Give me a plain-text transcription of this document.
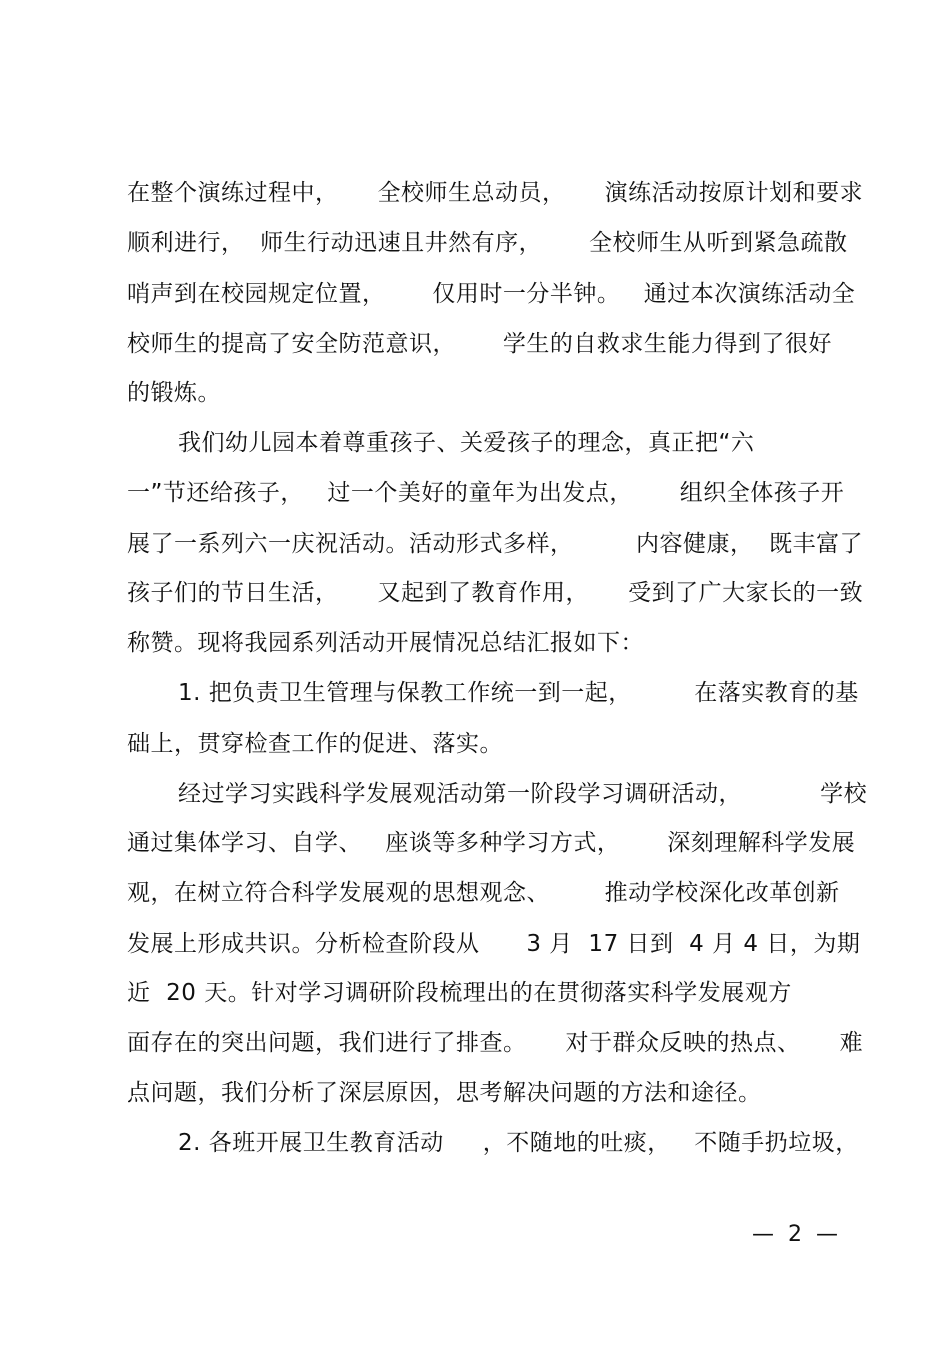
在整个演练过程中，     全校师生总动员，     演练活动按原计划和要求
顺利进行，  师生行动迅速且井然有序，      全校师生从听到紧急疏散
哨声到在校园规定位置，      仅用时一分半钟。   通过本次演练活动全
校师生的提高了安全防范意识，      学生的自救求生能力得到了很好
的锻炼。
我们幼儿园本着尊重孩子、关爱孩子的理念，真正把“六
一”节还给孩子，   过一个美好的童年为出发点，      组织全体孩子开
展了一系列六一庆祝活动。活动形式多样，        内容健康，  既丰富了
孩子们的节日生活，     又起到了教育作用，     受到了广大家长的一致
称赞。现将我园系列活动开展情况总结汇报如下：
1. 把负责卫生管理与保教工作统一到一起，        在落实教育的基
础上，贯穿检查工作的促进、落实。
经过学习实践科学发展观活动第一阶段学习调研活动，          学校
通过集体学习、自学、   座谈等多种学习方式，      深刻理解科学发展
观，在树立符合科学发展观的思想观念、       推动学校深化改革创新
发展上形成共识。分析检查阶段从      3 月  17 日到  4 月 4 日，为期
近  20 天。针对学习调研阶段梳理出的在贯彻落实科学发展观方
面存在的突出问题，我们进行了排查。     对于群众反映的热点、     难
点问题，我们分析了深层原因，思考解决问题的方法和途径。
2. 各班开展卫生教育活动     ，不随地的吐痰，   不随手扔垃圾，
—  2  —
